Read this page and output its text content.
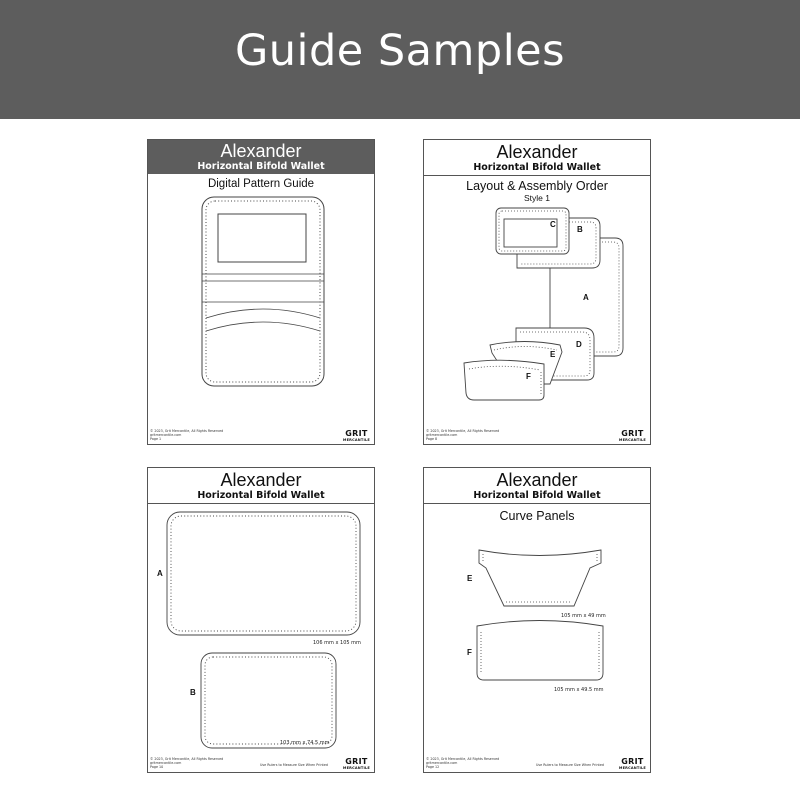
Guide Samples
Alexander
Horizontal Bifold Wallet
Digital Pattern Guide
© 2023, Grit Mercantile, All Rights Reserved
gritmercantile.com
Page 1
GRIT
MERCANTILE
Alexander
Horizontal Bifold Wallet
Layout & Assembly Order
Style 1
C
B
A
D
E
F
© 2023, Grit Mercantile, All Rights Reserved
gritmercantile.com
Page 8
GRIT
MERCANTILE
Alexander
Horizontal Bifold Wallet
A
106 mm x 105 mm
B
103 mm x 74.5 mm
© 2023, Grit Mercantile, All Rights Reserved
gritmercantile.com
Page 10	Use Rulers to Measure Size When Printed GRIT
MERCANTILE
Alexander
Horizontal Bifold Wallet
Curve Panels
E
105 mm x 49 mm
F
105 mm x 49.5 mm
© 2023, Grit Mercantile, All Rights Reserved
gritmercantile.com
Page 12	Use Rulers to Measure Size When Printed GRIT
MERCANTILE
